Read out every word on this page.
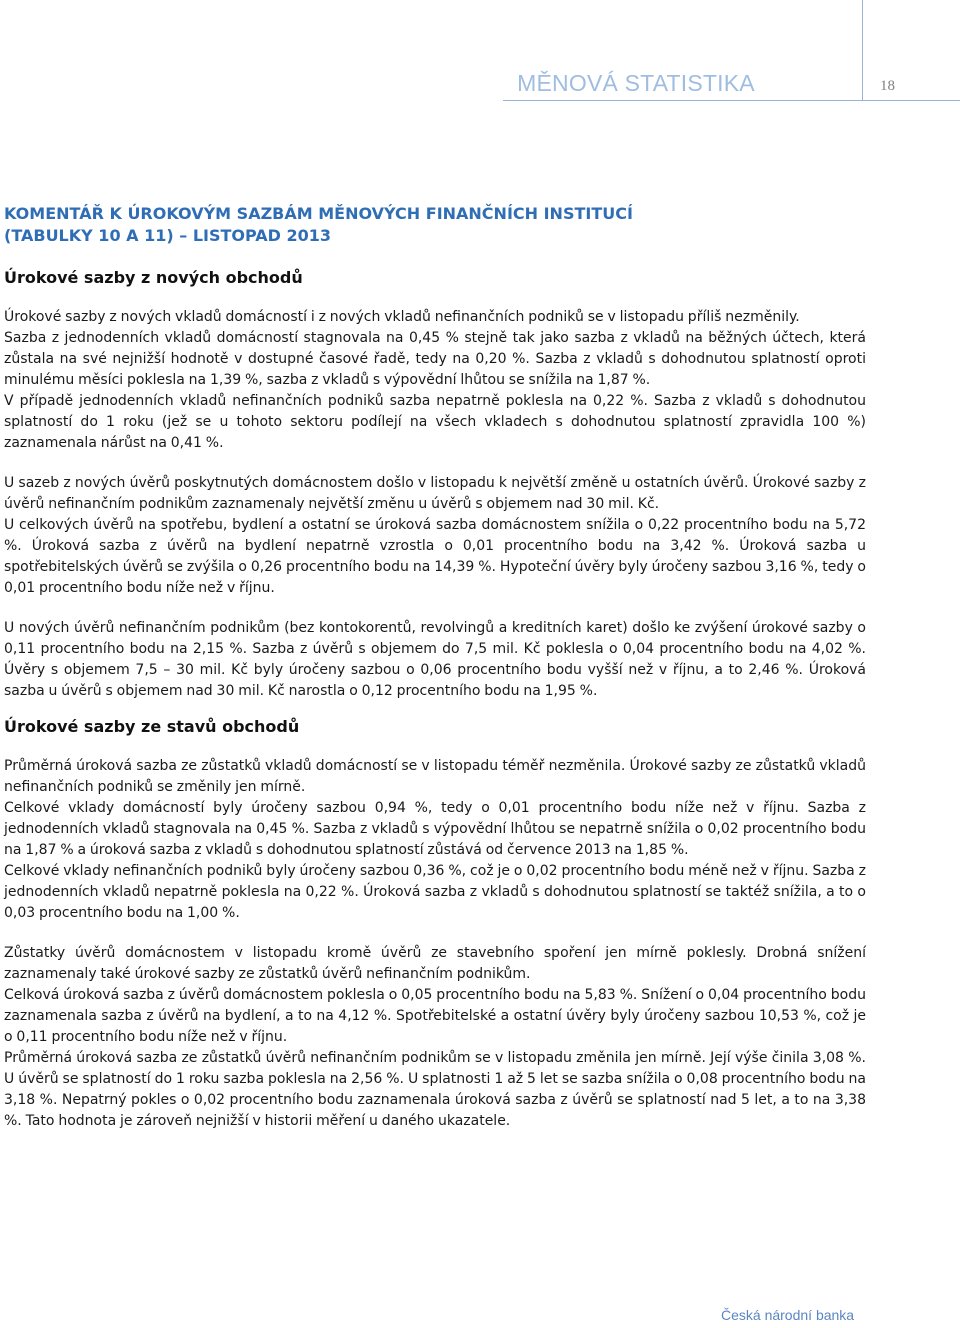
MĚNOVÁ STATISTIKA	18
KOMENTÁŘ K ÚROKOVÝM SAZBÁM MĚNOVÝCH FINANČNÍCH INSTITUCÍ
(TABULKY 10 A 11) – LISTOPAD 2013
Úrokové sazby z nových obchodů

Úrokové sazby z nových vkladů domácností i z nových vkladů nefinančních podniků se v listopadu příliš nezměnily.

Sazba z jednodenních vkladů domácností stagnovala na 0,45 % stejně tak jako sazba z vkladů na běžných účtech, která zůstala na své nejnižší hodnotě v dostupné časové řadě, tedy na 0,20 %. Sazba z vkladů s dohodnutou splatností oproti minulému měsíci poklesla na 1,39 %, sazba z vkladů s výpovědní lhůtou se snížila na 1,87 %.

V případě jednodenních vkladů nefinančních podniků sazba nepatrně poklesla na 0,22 %. Sazba z vkladů s dohodnutou splatností do 1 roku (jež se u tohoto sektoru podílejí na všech vkladech s dohodnutou splatností zpravidla 100 %) zaznamenala nárůst na 0,41 %.

U sazeb z nových úvěrů poskytnutých domácnostem došlo v listopadu k největší změně u ostatních úvěrů. Úrokové sazby z úvěrů nefinančním podnikům zaznamenaly největší změnu u úvěrů s objemem nad 30 mil. Kč.

U celkových úvěrů na spotřebu, bydlení a ostatní se úroková sazba domácnostem snížila o 0,22 procentního bodu na 5,72 %. Úroková sazba z úvěrů na bydlení nepatrně vzrostla o 0,01 procentního bodu na 3,42 %. Úroková sazba u spotřebitelských úvěrů se zvýšila o 0,26 procentního bodu na 14,39 %. Hypoteční úvěry byly úročeny sazbou 3,16 %, tedy o 0,01 procentního bodu níže než v říjnu.

U nových úvěrů nefinančním podnikům (bez kontokorentů, revolvingů a kreditních karet) došlo ke zvýšení úrokové sazby o 0,11 procentního bodu na 2,15 %. Sazba z úvěrů s objemem do 7,5 mil. Kč poklesla o 0,04 procentního bodu na 4,02 %. Úvěry s objemem 7,5 – 30 mil. Kč byly úročeny sazbou o 0,06 procentního bodu vyšší než v říjnu, a to 2,46 %. Úroková sazba u úvěrů s objemem nad 30 mil. Kč narostla o 0,12 procentního bodu na 1,95 %.

Úrokové sazby ze stavů obchodů

Průměrná úroková sazba ze zůstatků vkladů domácností se v listopadu téměř nezměnila. Úrokové sazby ze zůstatků vkladů nefinančních podniků se změnily jen mírně.

Celkové vklady domácností byly úročeny sazbou 0,94 %, tedy o 0,01 procentního bodu níže než v říjnu. Sazba z jednodenních vkladů stagnovala na 0,45 %. Sazba z vkladů s výpovědní lhůtou se nepatrně snížila o 0,02 procentního bodu na 1,87 % a úroková sazba z vkladů s dohodnutou splatností zůstává od července 2013 na 1,85 %.

Celkové vklady nefinančních podniků byly úročeny sazbou 0,36 %, což je o 0,02 procentního bodu méně než v říjnu. Sazba z jednodenních vkladů nepatrně poklesla na 0,22 %. Úroková sazba z vkladů s dohodnutou splatností se taktéž snížila, a to o 0,03 procentního bodu na 1,00 %.

Zůstatky úvěrů domácnostem v listopadu kromě úvěrů ze stavebního spoření jen mírně poklesly. Drobná snížení zaznamenaly také úrokové sazby ze zůstatků úvěrů nefinančním podnikům.

Celková úroková sazba z úvěrů domácnostem poklesla o 0,05 procentního bodu na 5,83 %. Snížení o 0,04 procentního bodu zaznamenala sazba z úvěrů na bydlení, a to na 4,12 %. Spotřebitelské a ostatní úvěry byly úročeny sazbou 10,53 %, což je o 0,11 procentního bodu níže než v říjnu.

Průměrná úroková sazba ze zůstatků úvěrů nefinančním podnikům se v listopadu změnila jen mírně. Její výše činila 3,08 %. U úvěrů se splatností do 1 roku sazba poklesla na 2,56 %. U splatnosti 1 až 5 let se sazba snížila o 0,08 procentního bodu na 3,18 %. Nepatrný pokles o 0,02 procentního bodu zaznamenala úroková sazba z úvěrů se splatností nad 5 let, a to na 3,38 %. Tato hodnota je zároveň nejnižší v historii měření u daného ukazatele.

Česká národní banka
